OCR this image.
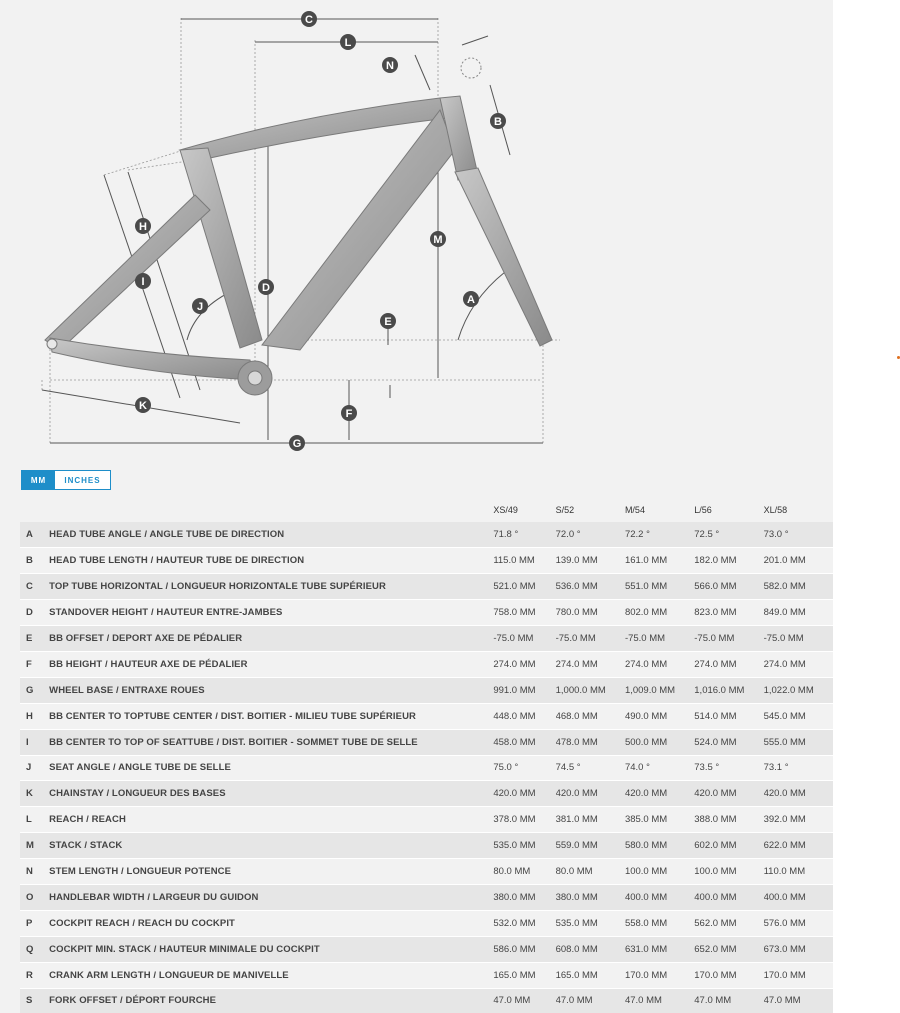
C
L
N
B
M
H
I	D
J
A
E
K
F
G
MM	INCHES
		XS/49	S/52	M/54	L/56	XL/58
A	HEAD TUBE ANGLE / ANGLE TUBE DE DIRECTION	71.8 °	72.0 °	72.2 °	72.5 °	73.0 °
B	HEAD TUBE LENGTH / HAUTEUR TUBE DE DIRECTION	115.0 MM	139.0 MM	161.0 MM	182.0 MM	201.0 MM
C	TOP TUBE HORIZONTAL / LONGUEUR HORIZONTALE TUBE SUPÉRIEUR	521.0 MM	536.0 MM	551.0 MM	566.0 MM	582.0 MM
D	STANDOVER HEIGHT / HAUTEUR ENTRE-JAMBES	758.0 MM	780.0 MM	802.0 MM	823.0 MM	849.0 MM
E	BB OFFSET / DEPORT AXE DE PÉDALIER	-75.0 MM	-75.0 MM	-75.0 MM	-75.0 MM	-75.0 MM
F	BB HEIGHT / HAUTEUR AXE DE PÉDALIER	274.0 MM	274.0 MM	274.0 MM	274.0 MM	274.0 MM
G	WHEEL BASE / ENTRAXE ROUES	991.0 MM	1,000.0 MM	1,009.0 MM	1,016.0 MM	1,022.0 MM
H	BB CENTER TO TOPTUBE CENTER / DIST. BOITIER - MILIEU TUBE SUPÉRIEUR	448.0 MM	468.0 MM	490.0 MM	514.0 MM	545.0 MM
I	BB CENTER TO TOP OF SEATTUBE / DIST. BOITIER - SOMMET TUBE DE SELLE	458.0 MM	478.0 MM	500.0 MM	524.0 MM	555.0 MM
J	SEAT ANGLE / ANGLE TUBE DE SELLE	75.0 °	74.5 °	74.0 °	73.5 °	73.1 °
K	CHAINSTAY / LONGUEUR DES BASES	420.0 MM	420.0 MM	420.0 MM	420.0 MM	420.0 MM
L	REACH / REACH	378.0 MM	381.0 MM	385.0 MM	388.0 MM	392.0 MM
M	STACK / STACK	535.0 MM	559.0 MM	580.0 MM	602.0 MM	622.0 MM
N	STEM LENGTH / LONGUEUR POTENCE	80.0 MM	80.0 MM	100.0 MM	100.0 MM	110.0 MM
O	HANDLEBAR WIDTH / LARGEUR DU GUIDON	380.0 MM	380.0 MM	400.0 MM	400.0 MM	400.0 MM
P	COCKPIT REACH / REACH DU COCKPIT	532.0 MM	535.0 MM	558.0 MM	562.0 MM	576.0 MM
Q	COCKPIT MIN. STACK / HAUTEUR MINIMALE DU COCKPIT	586.0 MM	608.0 MM	631.0 MM	652.0 MM	673.0 MM
R	CRANK ARM LENGTH / LONGUEUR DE MANIVELLE	165.0 MM	165.0 MM	170.0 MM	170.0 MM	170.0 MM
S	FORK OFFSET / DÉPORT FOURCHE	47.0 MM	47.0 MM	47.0 MM	47.0 MM	47.0 MM
